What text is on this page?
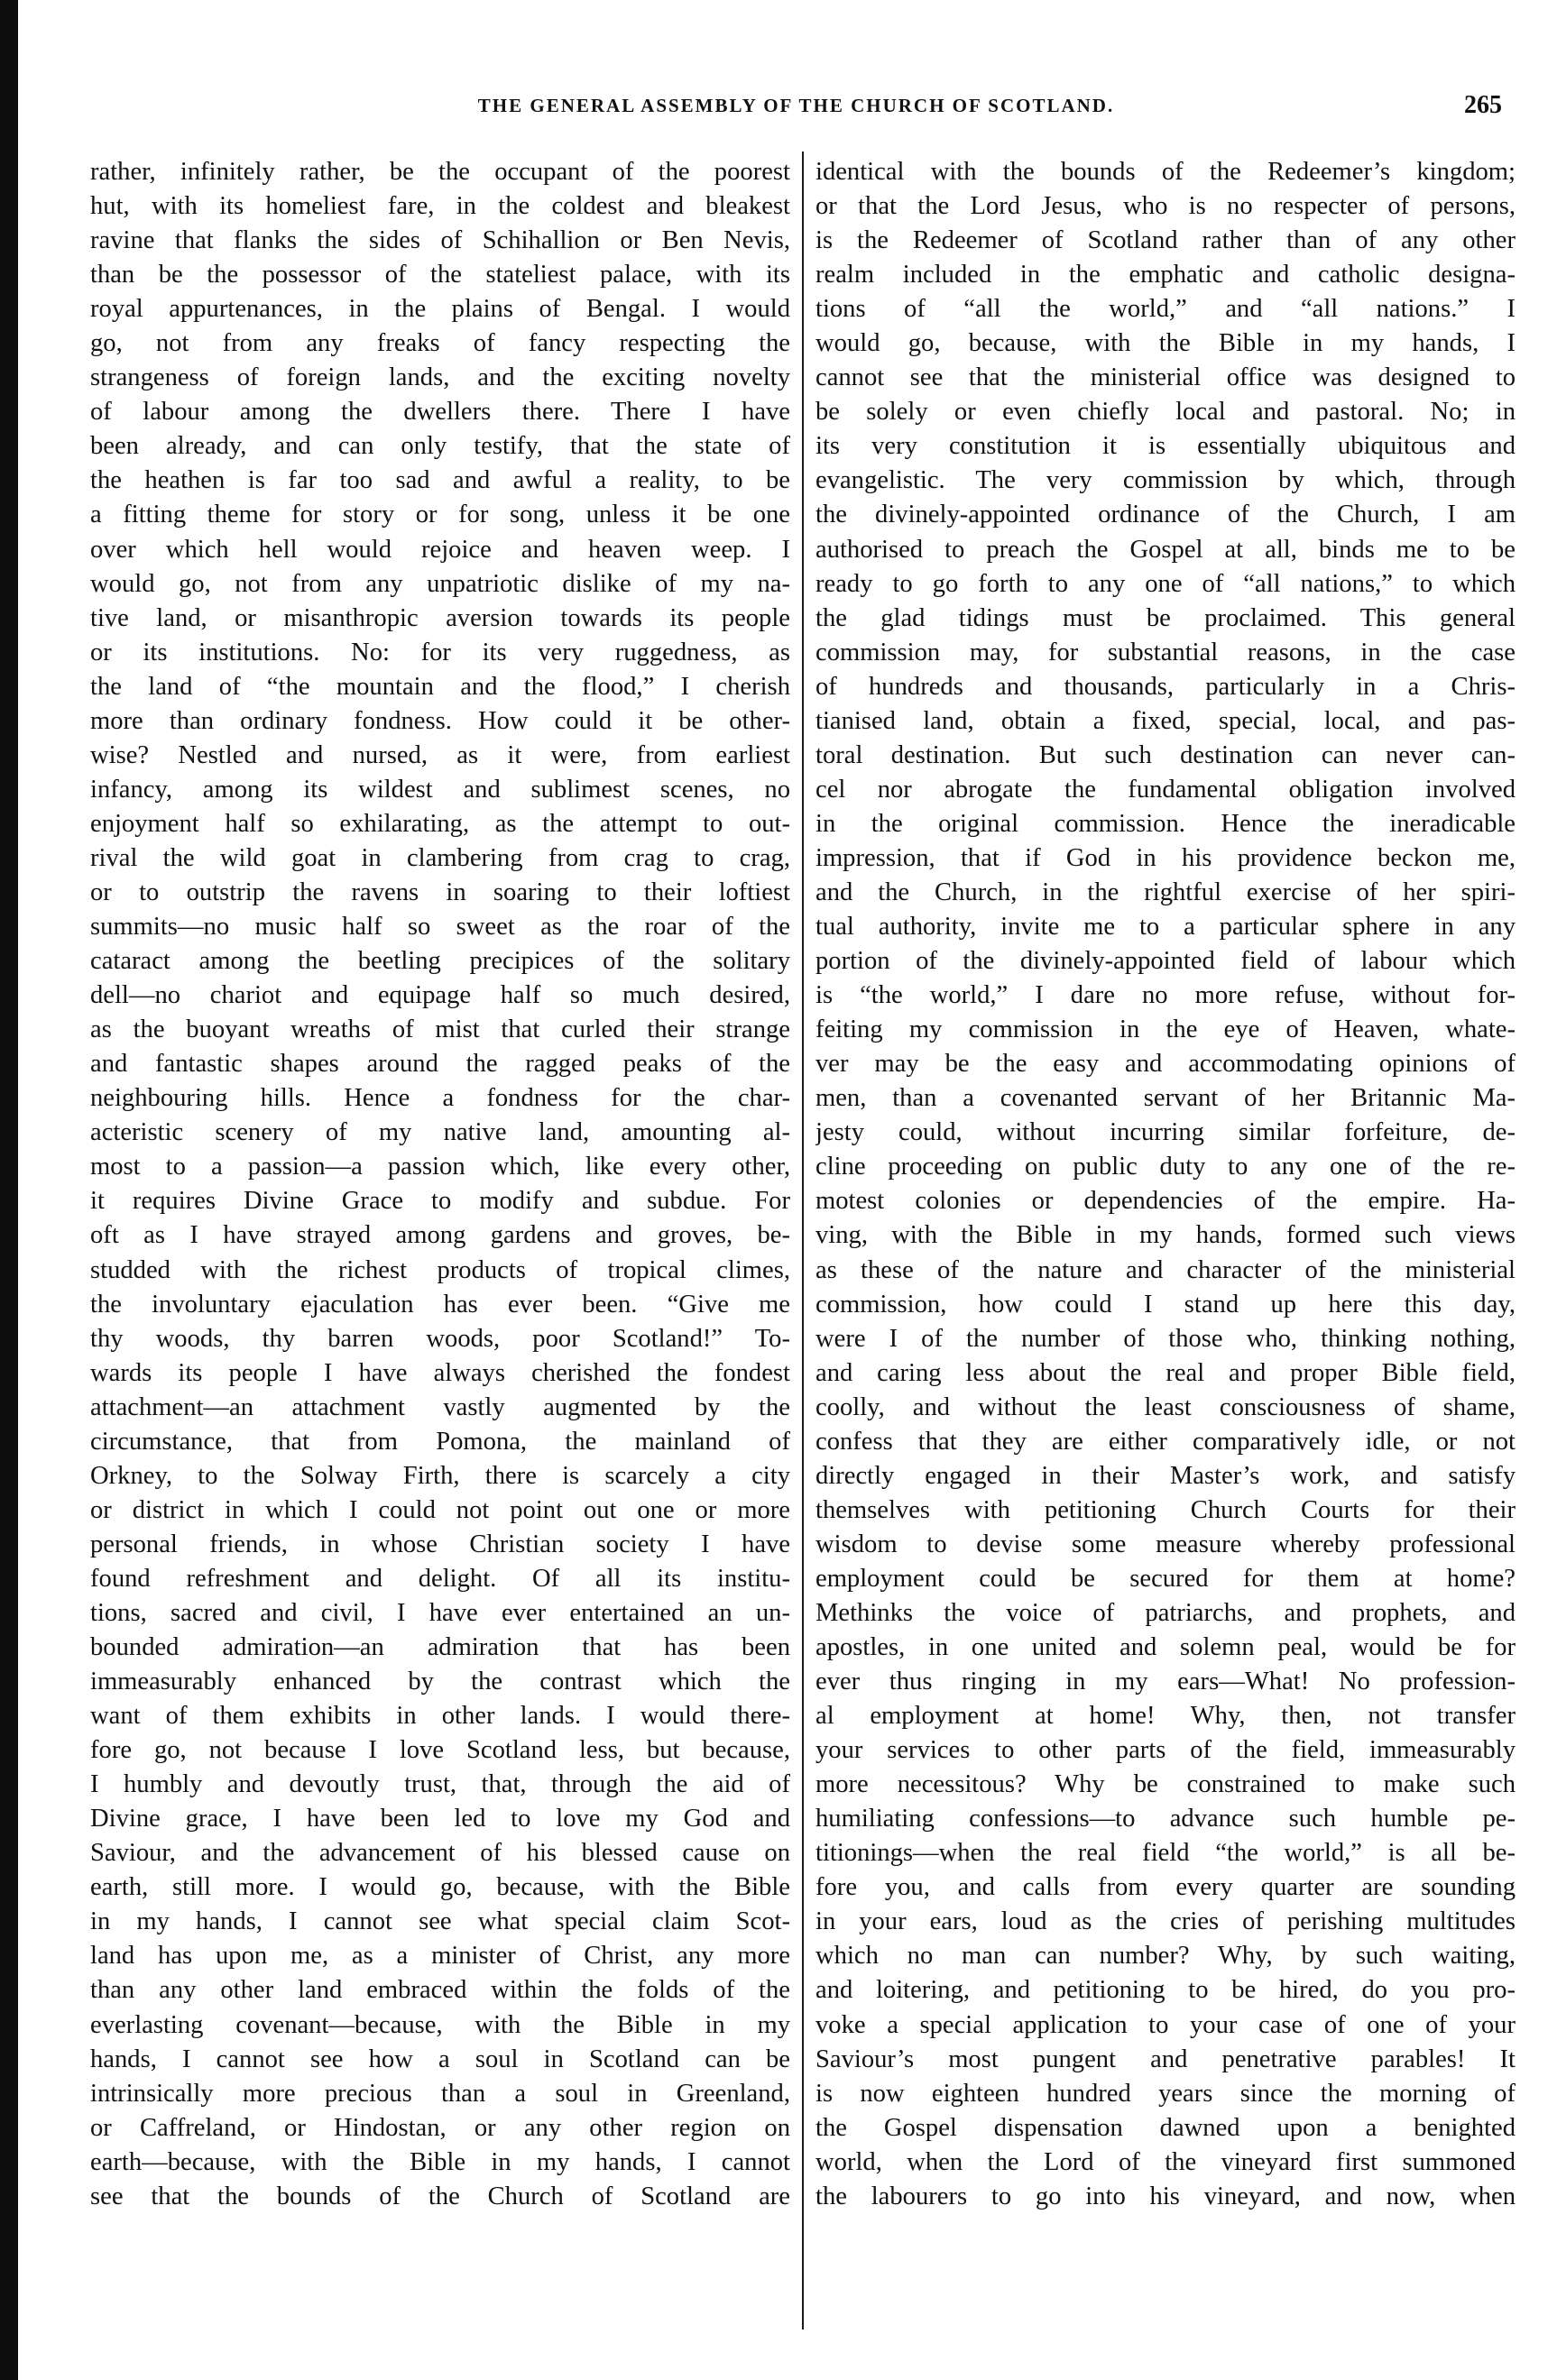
THE GENERAL ASSEMBLY OF THE CHURCH OF SCOTLAND.	265
rather, infinitely rather, be the occupant of the poorest
hut, with its homeliest fare, in the coldest and bleakest
ravine that flanks the sides of Schihallion or Ben Nevis,
than be the possessor of the stateliest palace, with its
royal appurtenances, in the plains of Bengal. I would
go, not from any freaks of fancy respecting the
strangeness of foreign lands, and the exciting novelty
of labour among the dwellers there. There I have
been already, and can only testify, that the state of
the heathen is far too sad and awful a reality, to be
a fitting theme for story or for song, unless it be one
over which hell would rejoice and heaven weep. I
would go, not from any unpatriotic dislike of my na-
tive land, or misanthropic aversion towards its people
or its institutions. No: for its very ruggedness, as
the land of “the mountain and the flood,” I cherish
more than ordinary fondness. How could it be other-
wise? Nestled and nursed, as it were, from earliest
infancy, among its wildest and sublimest scenes, no
enjoyment half so exhilarating, as the attempt to out-
rival the wild goat in clambering from crag to crag,
or to outstrip the ravens in soaring to their loftiest
summits—no music half so sweet as the roar of the
cataract among the beetling precipices of the solitary
dell—no chariot and equipage half so much desired,
as the buoyant wreaths of mist that curled their strange
and fantastic shapes around the ragged peaks of the
neighbouring hills. Hence a fondness for the char-
acteristic scenery of my native land, amounting al-
most to a passion—a passion which, like every other,
it requires Divine Grace to modify and subdue. For
oft as I have strayed among gardens and groves, be-
studded with the richest products of tropical climes,
the involuntary ejaculation has ever been. “Give me
thy woods, thy barren woods, poor Scotland!” To-
wards its people I have always cherished the fondest
attachment—an attachment vastly augmented by the
circumstance, that from Pomona, the mainland of
Orkney, to the Solway Firth, there is scarcely a city
or district in which I could not point out one or more
personal friends, in whose Christian society I have
found refreshment and delight. Of all its institu-
tions, sacred and civil, I have ever entertained an un-
bounded admiration—an admiration that has been
immeasurably enhanced by the contrast which the
want of them exhibits in other lands. I would there-
fore go, not because I love Scotland less, but because,
I humbly and devoutly trust, that, through the aid of
Divine grace, I have been led to love my God and
Saviour, and the advancement of his blessed cause on
earth, still more. I would go, because, with the Bible
in my hands, I cannot see what special claim Scot-
land has upon me, as a minister of Christ, any more
than any other land embraced within the folds of the
everlasting covenant—because, with the Bible in my
hands, I cannot see how a soul in Scotland can be
intrinsically more precious than a soul in Greenland,
or Caffreland, or Hindostan, or any other region on
earth—because, with the Bible in my hands, I cannot
see that the bounds of the Church of Scotland are
identical with the bounds of the Redeemer’s kingdom;
or that the Lord Jesus, who is no respecter of persons,
is the Redeemer of Scotland rather than of any other
realm included in the emphatic and catholic designa-
tions of “all the world,” and “all nations.” I
would go, because, with the Bible in my hands, I
cannot see that the ministerial office was designed to
be solely or even chiefly local and pastoral. No; in
its very constitution it is essentially ubiquitous and
evangelistic. The very commission by which, through
the divinely-appointed ordinance of the Church, I am
authorised to preach the Gospel at all, binds me to be
ready to go forth to any one of “all nations,” to which
the glad tidings must be proclaimed. This general
commission may, for substantial reasons, in the case
of hundreds and thousands, particularly in a Chris-
tianised land, obtain a fixed, special, local, and pas-
toral destination. But such destination can never can-
cel nor abrogate the fundamental obligation involved
in the original commission. Hence the ineradicable
impression, that if God in his providence beckon me,
and the Church, in the rightful exercise of her spiri-
tual authority, invite me to a particular sphere in any
portion of the divinely-appointed field of labour which
is “the world,” I dare no more refuse, without for-
feiting my commission in the eye of Heaven, whate-
ver may be the easy and accommodating opinions of
men, than a covenanted servant of her Britannic Ma-
jesty could, without incurring similar forfeiture, de-
cline proceeding on public duty to any one of the re-
motest colonies or dependencies of the empire. Ha-
ving, with the Bible in my hands, formed such views
as these of the nature and character of the ministerial
commission, how could I stand up here this day,
were I of the number of those who, thinking nothing,
and caring less about the real and proper Bible field,
coolly, and without the least consciousness of shame,
confess that they are either comparatively idle, or not
directly engaged in their Master’s work, and satisfy
themselves with petitioning Church Courts for their
wisdom to devise some measure whereby professional
employment could be secured for them at home?
Methinks the voice of patriarchs, and prophets, and
apostles, in one united and solemn peal, would be for
ever thus ringing in my ears—What! No profession-
al employment at home! Why, then, not transfer
your services to other parts of the field, immeasurably
more necessitous? Why be constrained to make such
humiliating confessions—to advance such humble pe-
titionings—when the real field “the world,” is all be-
fore you, and calls from every quarter are sounding
in your ears, loud as the cries of perishing multitudes
which no man can number? Why, by such waiting,
and loitering, and petitioning to be hired, do you pro-
voke a special application to your case of one of your
Saviour’s most pungent and penetrative parables! It
is now eighteen hundred years since the morning of
the Gospel dispensation dawned upon a benighted
world, when the Lord of the vineyard first summoned
the labourers to go into his vineyard, and now, when
